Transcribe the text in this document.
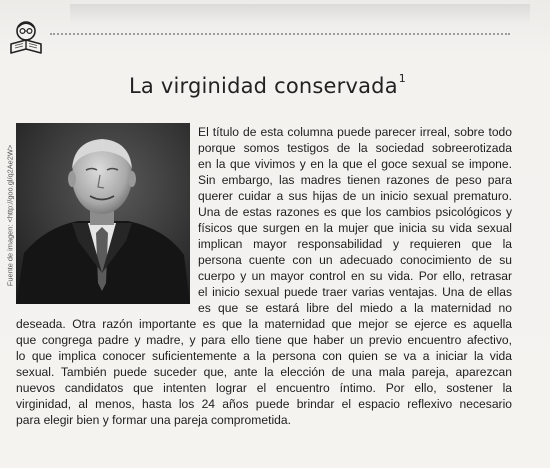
La virginidad conservada$^1$
Fuente de imagen: <http://goo.gl/q2Ae2W>

El título de esta columna puede parecer irreal, sobre todo

porque somos testigos de la sociedad sobreerotizada

en la que vivimos y en la que el goce sexual se impone.

Sin embargo, las madres tienen razones de peso para

querer cuidar a sus hijas de un inicio sexual prematuro.

Una de estas razones es que los cambios psicológicos y

físicos que surgen en la mujer que inicia su vida sexual

implican mayor responsabilidad y requieren que la

persona cuente con un adecuado conocimiento de su

cuerpo y un mayor control en su vida. Por ello, retrasar

el inicio sexual puede traer varias ventajas. Una de ellas

es que se estará libre del miedo a la maternidad no

deseada. Otra razón importante es que la maternidad que mejor se ejerce es aquella

que congrega padre y madre, y para ello tiene que haber un previo encuentro afectivo,

lo que implica conocer suficientemente a la persona con quien se va a iniciar la vida

sexual. También puede suceder que, ante la elección de una mala pareja, aparezcan

nuevos candidatos que intenten lograr el encuentro íntimo. Por ello, sostener la

virginidad, al menos, hasta los 24 años puede brindar el espacio reflexivo necesario

para elegir bien y formar una pareja comprometida.
